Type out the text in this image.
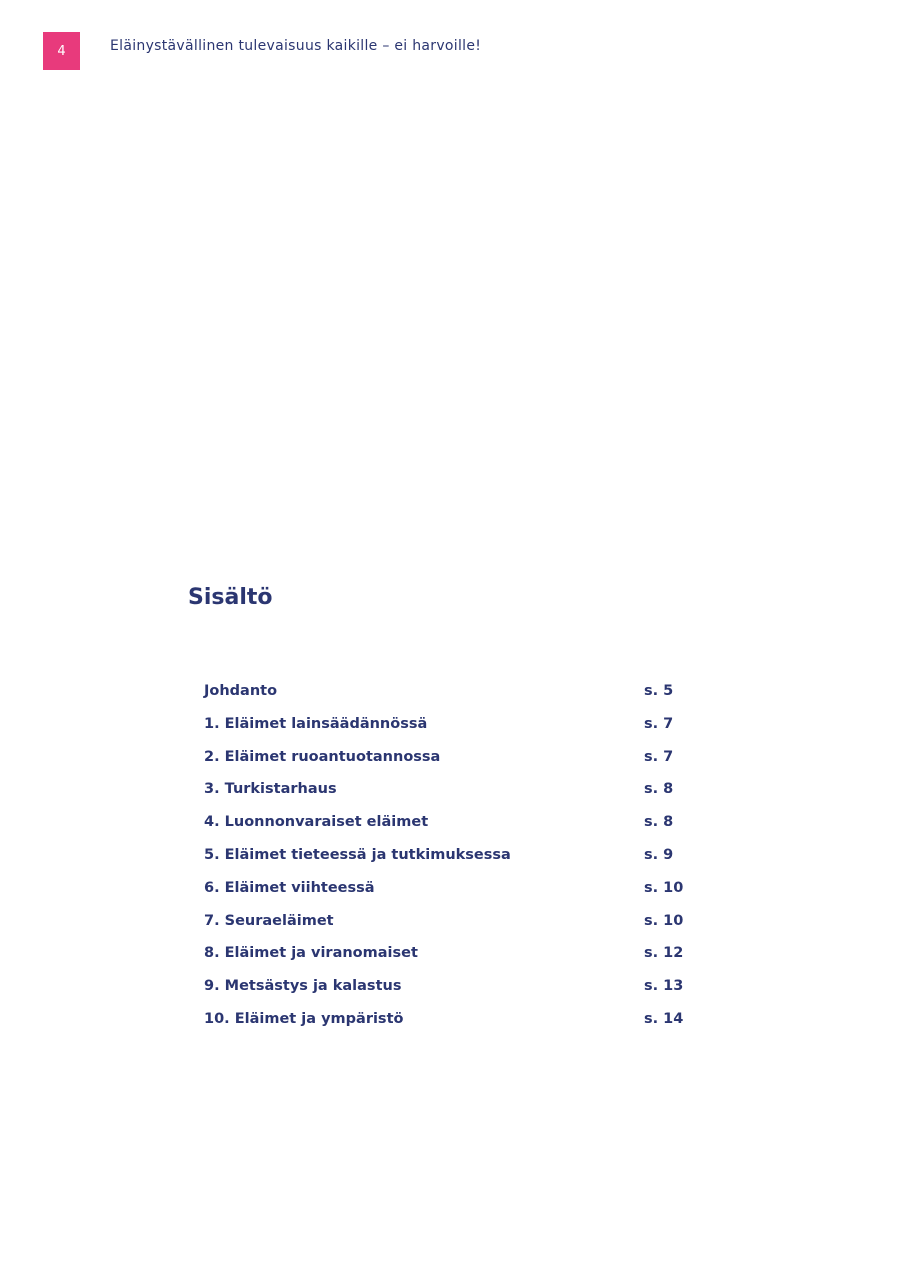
4	Eläinystävällinen tulevaisuus kaikille – ei harvoille!
Sisältö
Johdanto	s. 5
1. Eläimet lainsäädännössä	s. 7
2. Eläimet ruoantuotannossa	s. 7
3. Turkistarhaus	s. 8
4. Luonnonvaraiset eläimet	s. 8
5. Eläimet tieteessä ja tutkimuksessa	s. 9
6. Eläimet viihteessä	s. 10
7. Seuraeläimet	s. 10
8. Eläimet ja viranomaiset	s. 12
9. Metsästys ja kalastus	s. 13
10. Eläimet ja ympäristö	s. 14
